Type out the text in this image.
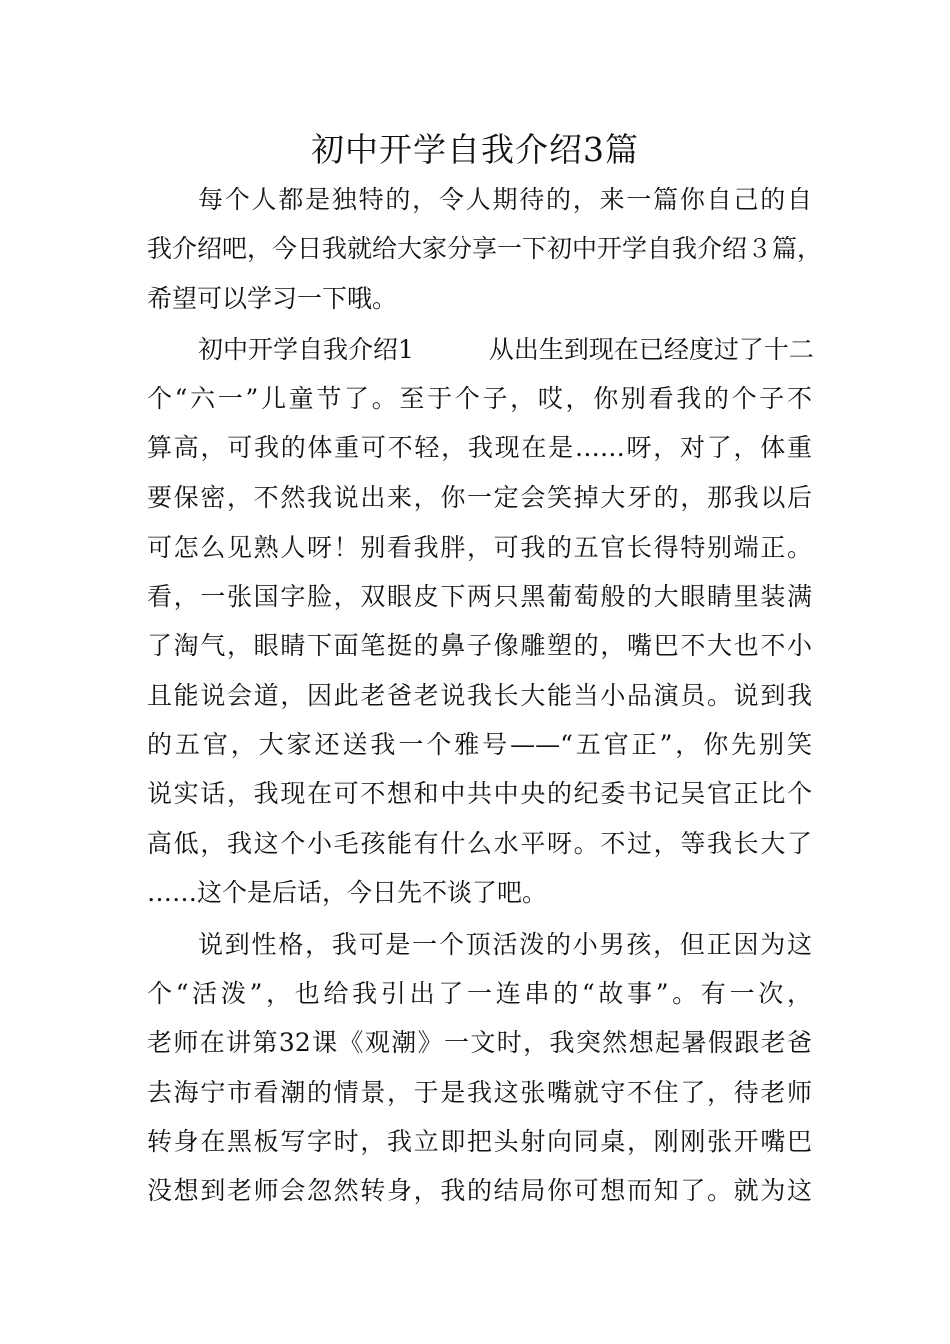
初中开学自我介绍3篇
每个人都是独特的，令人期待的，来一篇你自己的自
我介绍吧，今日我就给大家分享一下初中开学自我介绍３篇，
希望可以学习一下哦。
初中开学自我介绍1　　　从出生到现在已经度过了十二
个“六一”儿童节了。至于个子，哎，你别看我的个子不
算高，可我的体重可不轻，我现在是……呀，对了，体重
要保密，不然我说出来，你一定会笑掉大牙的，那我以后
可怎么见熟人呀！别看我胖，可我的五官长得特别端正。
看，一张国字脸，双眼皮下两只黑葡萄般的大眼睛里装满
了淘气，眼睛下面笔挺的鼻子像雕塑的，嘴巴不大也不小
且能说会道，因此老爸老说我长大能当小品演员。说到我
的五官，大家还送我一个雅号——“五官正”，你先别笑
说实话，我现在可不想和中共中央的纪委书记吴官正比个
高低，我这个小毛孩能有什么水平呀。不过，等我长大了
……这个是后话，今日先不谈了吧。
说到性格，我可是一个顶活泼的小男孩，但正因为这
个“活泼”，也给我引出了一连串的“故事”。有一次，
老师在讲第32课《观潮》一文时，我突然想起暑假跟老爸
去海宁市看潮的情景，于是我这张嘴就守不住了，待老师
转身在黑板写字时，我立即把头射向同桌，刚刚张开嘴巴
没想到老师会忽然转身，我的结局你可想而知了。就为这
